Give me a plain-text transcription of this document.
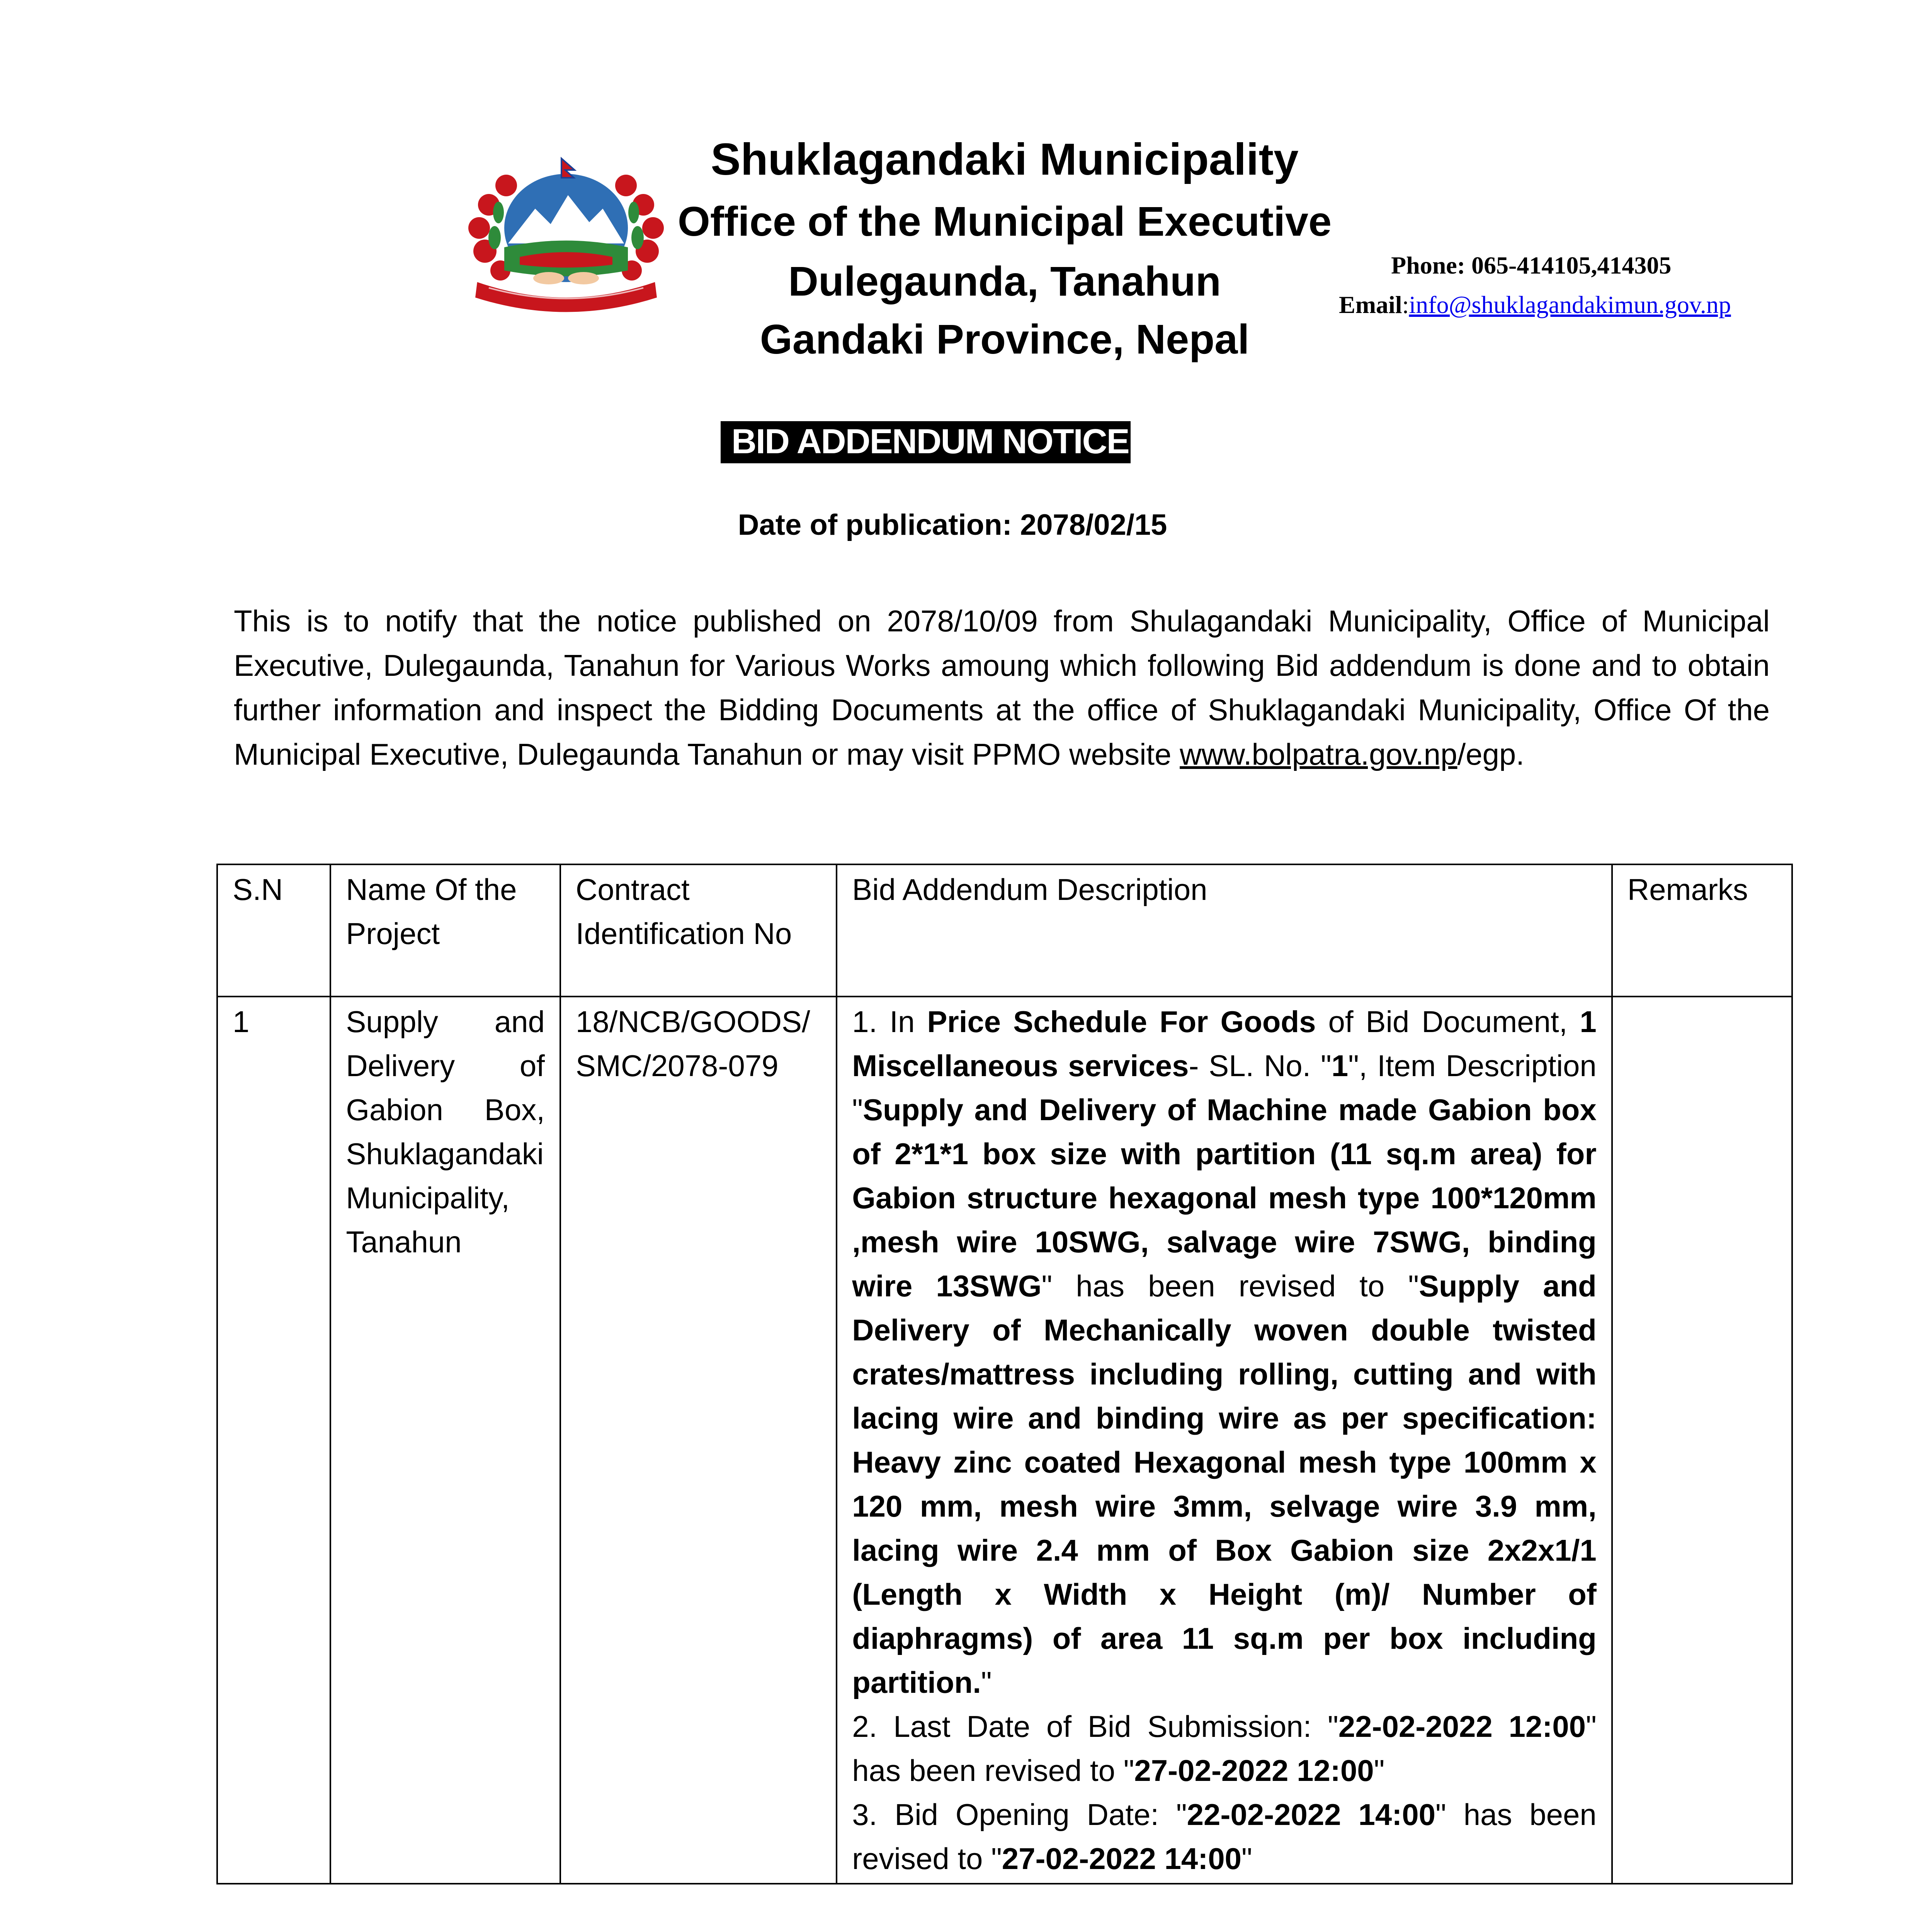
Shuklagandaki Municipality
Office of the Municipal Executive
Dulegaunda, Tanahun
Gandaki Province, Nepal
Phone: 065-414105,414305
Email:info@shuklagandakimun.gov.np
BID ADDENDUM NOTICE
Date of publication: 2078/02/15
This is to notify that the notice published on 2078/10/09 from Shulagandaki Municipality, Office of Municipal Executive, Dulegaunda, Tanahun for Various Works amoung which following Bid addendum is done and to obtain further information and inspect the Bidding Documents at the office of Shuklagandaki Municipality, Office Of the Municipal Executive, Dulegaunda Tanahun or may visit PPMO website www.bolpatra.gov.np/egp.
S.N	Name Of the Project	Contract Identification No	Bid Addendum Description	Remarks
1	Supply and Delivery of Gabion Box, Shuklagandaki Municipality, Tanahun	18/NCB/GOODS/SMC/2078-079	1. In Price Schedule For Goods of Bid Document, 1 Miscellaneous services- SL. No. "1", Item Description "Supply and Delivery of Machine made Gabion box of 2*1*1 box size with partition (11 sq.m area) for Gabion structure hexagonal mesh type 100*120mm ,mesh wire 10SWG, salvage wire 7SWG, binding wire 13SWG" has been revised to "Supply and Delivery of Mechanically woven double twisted crates/mattress including rolling, cutting and with lacing wire and binding wire as per specification: Heavy zinc coated Hexagonal mesh type 100mm x 120 mm, mesh wire 3mm, selvage wire 3.9 mm, lacing wire 2.4 mm of Box Gabion size 2x2x1/1 (Length x Width x Height (m)/ Number of diaphragms) of area 11 sq.m per box including partition."
2. Last Date of Bid Submission: "22-02-2022 12:00" has been revised to "27-02-2022 12:00"
3. Bid Opening Date: "22-02-2022 14:00" has been revised to "27-02-2022 14:00"	
